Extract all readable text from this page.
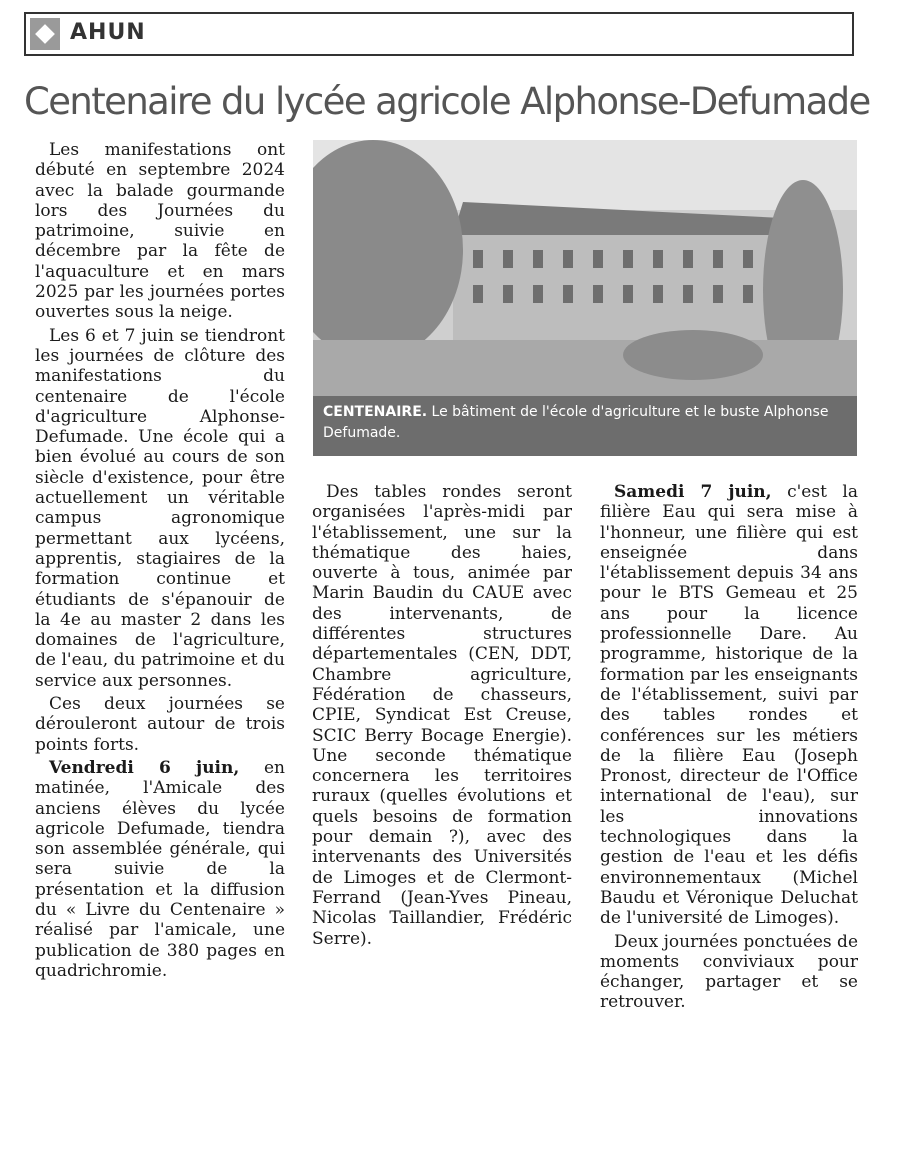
AHUN
Centenaire du lycée agricole Alphonse-Defumade

Les manifestations ont débuté en septembre 2024 avec la balade gourmande lors des Journées du patrimoine, suivie en décembre par la fête de l'aquaculture et en mars 2025 par les journées portes ouvertes sous la neige.

Les 6 et 7 juin se tiendront les journées de clôture des manifestations du centenaire de l'école d'agriculture Alphonse-Defumade. Une école qui a bien évolué au cours de son siècle d'existence, pour être actuellement un véritable campus agronomique permettant aux lycéens, apprentis, stagiaires de la formation continue et étudiants de s'épanouir de la 4e au master 2 dans les domaines de l'agriculture, de l'eau, du patrimoine et du service aux personnes.

Ces deux journées se dérouleront autour de trois points forts.

Vendredi 6 juin, en matinée, l'Amicale des anciens élèves du lycée agricole Defumade, tiendra son assemblée générale, qui sera suivie de la présentation et la diffusion du « Livre du Centenaire » réalisé par l'amicale, une publication de 380 pages en quadrichromie.

CENTENAIRE. Le bâtiment de l'école d'agriculture et le buste Alphonse Defumade.

Des tables rondes seront organisées l'après-midi par l'établissement, une sur la thématique des haies, ouverte à tous, animée par Marin Baudin du CAUE avec des intervenants, de différentes structures départementales (CEN, DDT, Chambre agriculture, Fédération de chasseurs, CPIE, Syndicat Est Creuse, SCIC Berry Bocage Energie). Une seconde thématique concernera les territoires ruraux (quelles évolutions et quels besoins de formation pour demain ?), avec des intervenants des Universités de Limoges et de Clermont-Ferrand (Jean-Yves Pineau, Nicolas Taillandier, Frédéric Serre).

Samedi 7 juin, c'est la filière Eau qui sera mise à l'honneur, une filière qui est enseignée dans l'établissement depuis 34 ans pour le BTS Gemeau et 25 ans pour la licence professionnelle Dare. Au programme, historique de la formation par les enseignants de l'établissement, suivi par des tables rondes et conférences sur les métiers de la filière Eau (Joseph Pronost, directeur de l'Office international de l'eau), sur les innovations technologiques dans la gestion de l'eau et les défis environnementaux (Michel Baudu et Véronique Deluchat de l'université de Limoges).

Deux journées ponctuées de moments conviviaux pour échanger, partager et se retrouver.
